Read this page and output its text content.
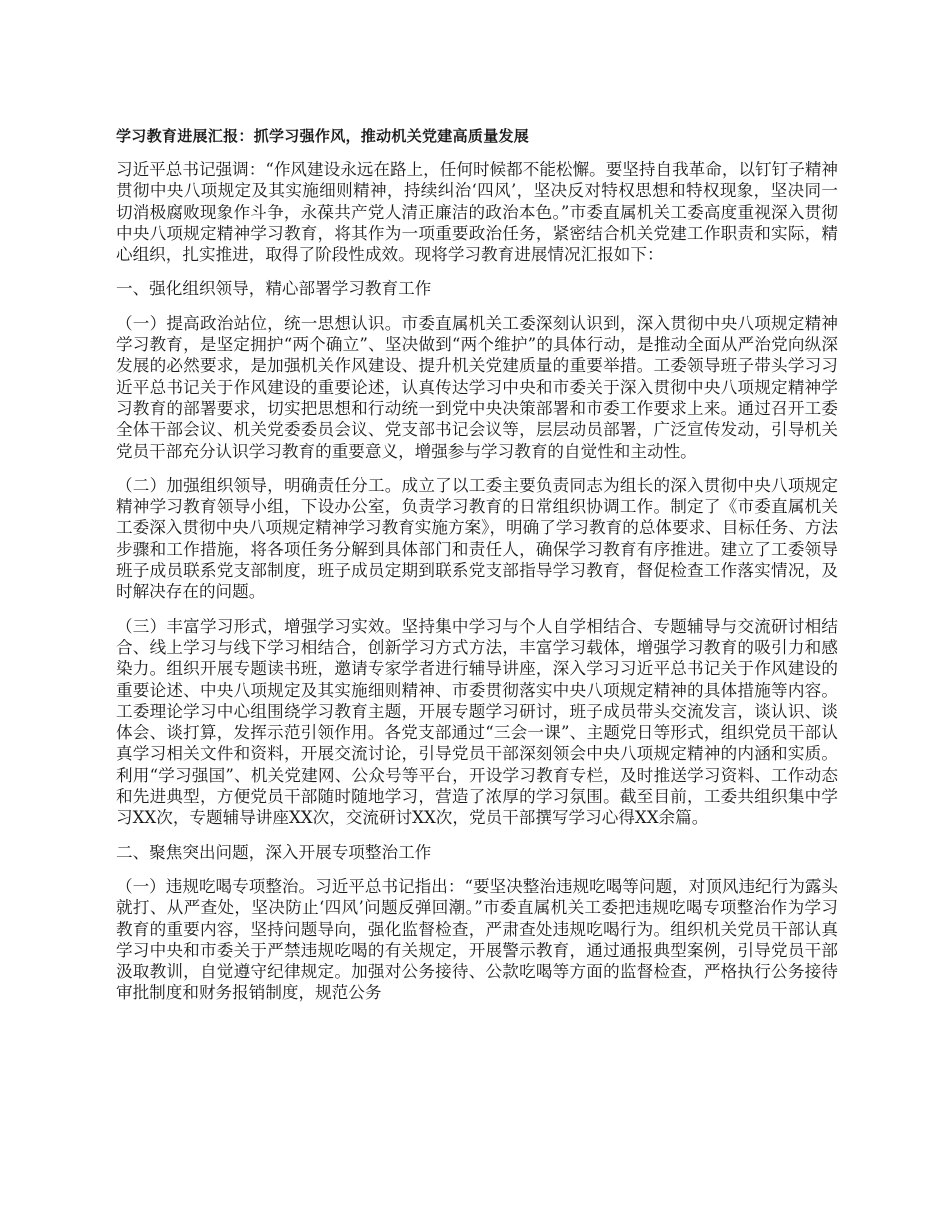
学习教育进展汇报：抓学习强作风，推动机关党建高质量发展

习近平总书记强调：“作风建设永远在路上，任何时候都不能松懈。要坚持自我革命，以钉钉子精神贯彻中央八项规定及其实施细则精神，持续纠治‘四风’，坚决反对特权思想和特权现象，坚决同一切消极腐败现象作斗争，永葆共产党人清正廉洁的政治本色。”市委直属机关工委高度重视深入贯彻中央八项规定精神学习教育，将其作为一项重要政治任务，紧密结合机关党建工作职责和实际，精心组织，扎实推进，取得了阶段性成效。现将学习教育进展情况汇报如下：

一、强化组织领导，精心部署学习教育工作

（一）提高政治站位，统一思想认识。市委直属机关工委深刻认识到，深入贯彻中央八项规定精神学习教育，是坚定拥护“两个确立”、坚决做到“两个维护”的具体行动，是推动全面从严治党向纵深发展的必然要求，是加强机关作风建设、提升机关党建质量的重要举措。工委领导班子带头学习习近平总书记关于作风建设的重要论述，认真传达学习中央和市委关于深入贯彻中央八项规定精神学习教育的部署要求，切实把思想和行动统一到党中央决策部署和市委工作要求上来。通过召开工委全体干部会议、机关党委委员会议、党支部书记会议等，层层动员部署，广泛宣传发动，引导机关党员干部充分认识学习教育的重要意义，增强参与学习教育的自觉性和主动性。

（二）加强组织领导，明确责任分工。成立了以工委主要负责同志为组长的深入贯彻中央八项规定精神学习教育领导小组，下设办公室，负责学习教育的日常组织协调工作。制定了《市委直属机关工委深入贯彻中央八项规定精神学习教育实施方案》，明确了学习教育的总体要求、目标任务、方法步骤和工作措施，将各项任务分解到具体部门和责任人，确保学习教育有序推进。建立了工委领导班子成员联系党支部制度，班子成员定期到联系党支部指导学习教育，督促检查工作落实情况，及时解决存在的问题。

（三）丰富学习形式，增强学习实效。坚持集中学习与个人自学相结合、专题辅导与交流研讨相结合、线上学习与线下学习相结合，创新学习方式方法，丰富学习载体，增强学习教育的吸引力和感染力。组织开展专题读书班，邀请专家学者进行辅导讲座，深入学习习近平总书记关于作风建设的重要论述、中央八项规定及其实施细则精神、市委贯彻落实中央八项规定精神的具体措施等内容。工委理论学习中心组围绕学习教育主题，开展专题学习研讨，班子成员带头交流发言，谈认识、谈体会、谈打算，发挥示范引领作用。各党支部通过“三会一课”、主题党日等形式，组织党员干部认真学习相关文件和资料，开展交流讨论，引导党员干部深刻领会中央八项规定精神的内涵和实质。利用“学习强国”、机关党建网、公众号等平台，开设学习教育专栏，及时推送学习资料、工作动态和先进典型，方便党员干部随时随地学习，营造了浓厚的学习氛围。截至目前，工委共组织集中学习XX次，专题辅导讲座XX次，交流研讨XX次，党员干部撰写学习心得XX余篇。

二、聚焦突出问题，深入开展专项整治工作

（一）违规吃喝专项整治。习近平总书记指出：“要坚决整治违规吃喝等问题，对顶风违纪行为露头就打、从严查处，坚决防止‘四风’问题反弹回潮。”市委直属机关工委把违规吃喝专项整治作为学习教育的重要内容，坚持问题导向，强化监督检查，严肃查处违规吃喝行为。组织机关党员干部认真学习中央和市委关于严禁违规吃喝的有关规定，开展警示教育，通过通报典型案例，引导党员干部汲取教训，自觉遵守纪律规定。加强对公务接待、公款吃喝等方面的监督检查，严格执行公务接待审批制度和财务报销制度，规范公务
